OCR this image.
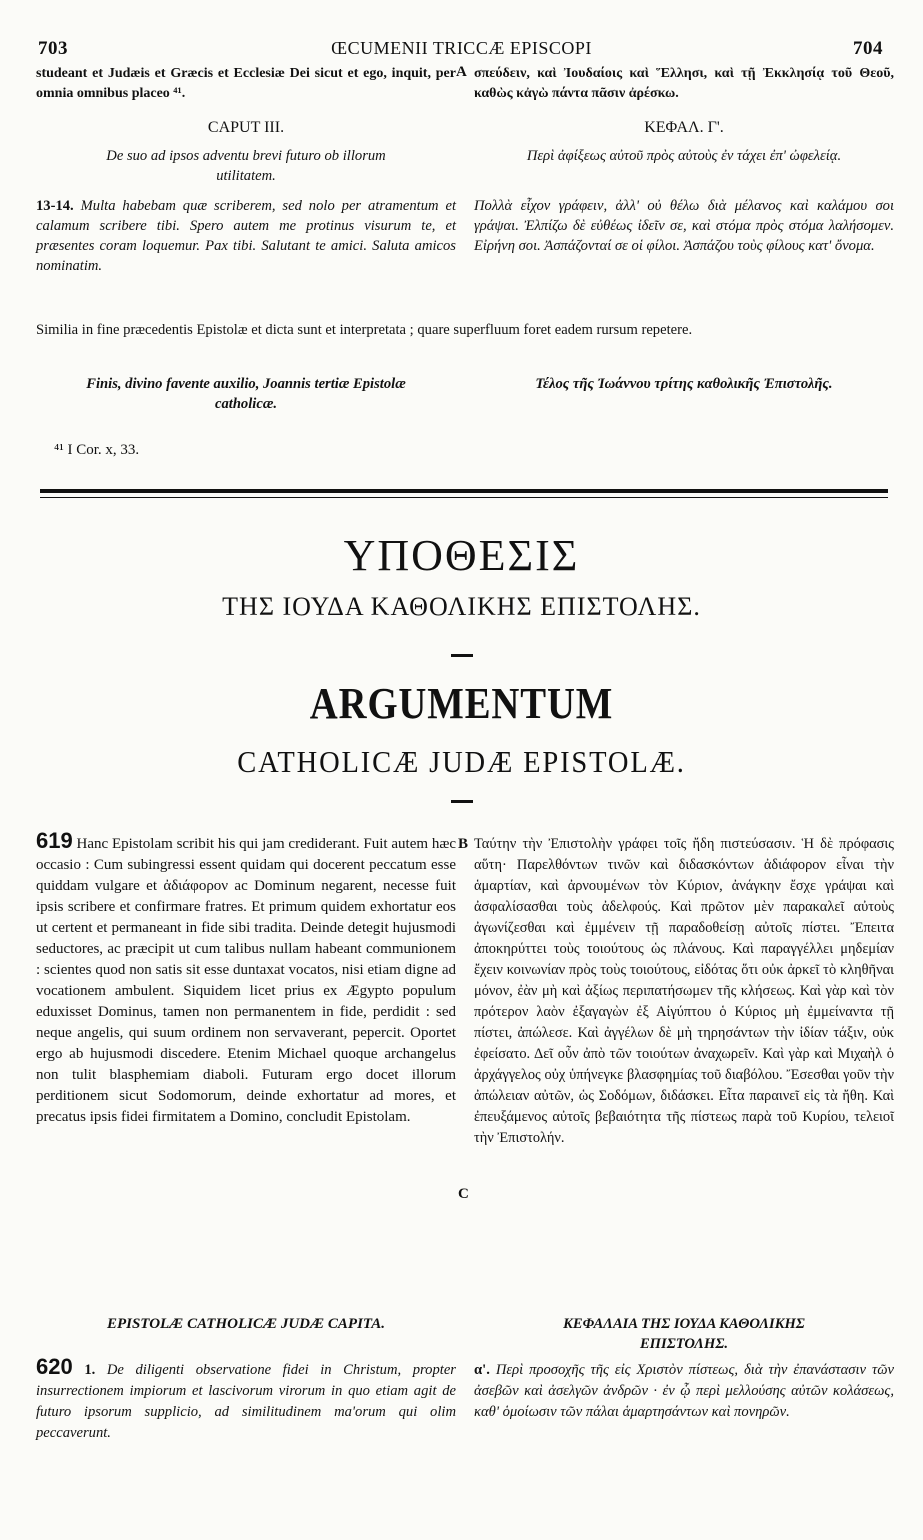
703	ŒCUMENII TRICCÆ EPISCOPI	704
studeant et Judæis et Græcis et Ecclesiæ Dei sicut et ego, inquit, per omnia omnibus placeo ⁴¹.
A σπεύδειν, καὶ Ἰουδαίοις καὶ Ἕλλησι, καὶ τῇ Ἐκκλησίᾳ τοῦ Θεοῦ, καθὼς κἀγὼ πάντα πᾶσιν ἀρέσκω.
CAPUT III.	ΚΕΦΑΛ. Γ'.
De suo ad ipsos adventu brevi futuro ob illorum utilitatem.
Περὶ ἀφίξεως αὐτοῦ πρὸς αὐτοὺς ἐν τάχει ἐπ' ὠφελείᾳ.
13-14. Multa habebam quæ scriberem, sed nolo per atramentum et calamum scribere tibi. Spero autem me protinus visurum te, et præsentes coram loquemur. Pax tibi. Salutant te amici. Saluta amicos nominatim.
Πολλὰ εἶχον γράφειν, ἀλλ' οὐ θέλω διὰ μέλανος καὶ καλάμου σοι γράψαι. Ἐλπίζω δὲ εὐθέως ἰδεῖν σε, καὶ στόμα πρὸς στόμα λαλήσομεν. Εἰρήνη σοι. Ἀσπάζονταί σε οἱ φίλοι. Ἀσπάζου τοὺς φίλους κατ' ὄνομα.
Similia in fine præcedentis Epistolæ et dicta sunt et interpretata ; quare superfluum foret eadem rursum repetere.
Finis, divino favente auxilio, Joannis tertiæ Epistolæ catholicæ.
Τέλος τῆς Ἰωάννου τρίτης καθολικῆς Ἐπιστολῆς.
⁴¹ I Cor. x, 33.
ΥΠΟΘΕΣΙΣ
ΤΗΣ ΙΟΥΔΑ ΚΑΘΟΛΙΚΗΣ ΕΠΙΣΤΟΛΗΣ.
ARGUMENTUM
CATHOLICÆ JUDÆ EPISTOLÆ.
619 Hanc Epistolam scribit his qui jam crediderant. Fuit autem hæc occasio : Cum subingressi essent quidam qui docerent peccatum esse quiddam vulgare et ἀδιάφορον ac Dominum negarent, necesse fuit ipsis scribere et confirmare fratres. Et primum quidem exhortatur eos ut certent et permaneant in fide sibi tradita. Deinde detegit hujusmodi seductores, ac præcipit ut cum talibus nullam habeant communionem : scientes quod non satis sit esse duntaxat vocatos, nisi etiam digne ad vocationem ambulent. Siquidem licet prius ex Ægypto populum eduxisset Dominus, tamen non permanentem in fide, perdidit : sed neque angelis, qui suum ordinem non servaverant, pepercit. Oportet ergo ab hujusmodi discedere. Etenim Michael quoque archangelus non tulit blasphemiam diaboli. Futuram ergo docet illorum perditionem sicut Sodomorum, deinde exhortatur ad mores, et precatus ipsis fidei firmitatem a Domino, concludit Epistolam.
B
C
Ταύτην τὴν Ἐπιστολὴν γράφει τοῖς ἤδη πιστεύσασιν. Ἡ δὲ πρόφασις αὕτη· Παρελθόντων τινῶν καὶ διδασκόντων ἀδιάφορον εἶναι τὴν ἁμαρτίαν, καὶ ἀρνουμένων τὸν Κύριον, ἀνάγκην ἔσχε γράψαι καὶ ἀσφαλίσασθαι τοὺς ἀδελφούς. Καὶ πρῶτον μὲν παρακαλεῖ αὐτοὺς ἀγωνίζεσθαι καὶ ἐμμένειν τῇ παραδοθείσῃ αὐτοῖς πίστει. Ἔπειτα ἀποκηρύττει τοὺς τοιούτους ὡς πλάνους. Καὶ παραγγέλλει μηδεμίαν ἔχειν κοινωνίαν πρὸς τοὺς τοιούτους, εἰδότας ὅτι οὐκ ἀρκεῖ τὸ κληθῆναι μόνον, ἐὰν μὴ καὶ ἀξίως περιπατήσωμεν τῆς κλήσεως. Καὶ γὰρ καὶ τὸν πρότερον λαὸν ἐξαγαγὼν ἐξ Αἰγύπτου ὁ Κύριος μὴ ἐμμείναντα τῇ πίστει, ἀπώλεσε. Καὶ ἀγγέλων δὲ μὴ τηρησάντων τὴν ἰδίαν τάξιν, οὐκ ἐφείσατο. Δεῖ οὖν ἀπὸ τῶν τοιούτων ἀναχωρεῖν. Καὶ γὰρ καὶ Μιχαὴλ ὁ ἀρχάγγελος οὐχ ὑπήνεγκε βλασφημίας τοῦ διαβόλου. Ἔσεσθαι γοῦν τὴν ἀπώλειαν αὐτῶν, ὡς Σοδόμων, διδάσκει. Εἶτα παραινεῖ εἰς τὰ ἤθη. Καὶ ἐπευξάμενος αὐτοῖς βεβαιότητα τῆς πίστεως παρὰ τοῦ Κυρίου, τελειοῖ τὴν Ἐπιστολήν.
EPISTOLÆ CATHOLICÆ JUDÆ CAPITA.	ΚΕΦΑΛΑΙΑ ΤΗΣ ΙΟΥΔΑ ΚΑΘΟΛΙΚΗΣ ΕΠΙΣΤΟΛΗΣ.
620 1. De diligenti observatione fidei in Christum, propter insurrectionem impiorum et lascivorum virorum in quo etiam agit de futuro ipsorum supplicio, ad similitudinem ma'orum qui olim peccaverunt.
α'. Περὶ προσοχῆς τῆς εἰς Χριστὸν πίστεως, διὰ τὴν ἐπανάστασιν τῶν ἀσεβῶν καὶ ἀσελγῶν ἀνδρῶν · ἐν ᾧ περὶ μελλούσης αὐτῶν κολάσεως, καθ' ὁμοίωσιν τῶν πάλαι ἁμαρτησάντων καὶ πονηρῶν.
